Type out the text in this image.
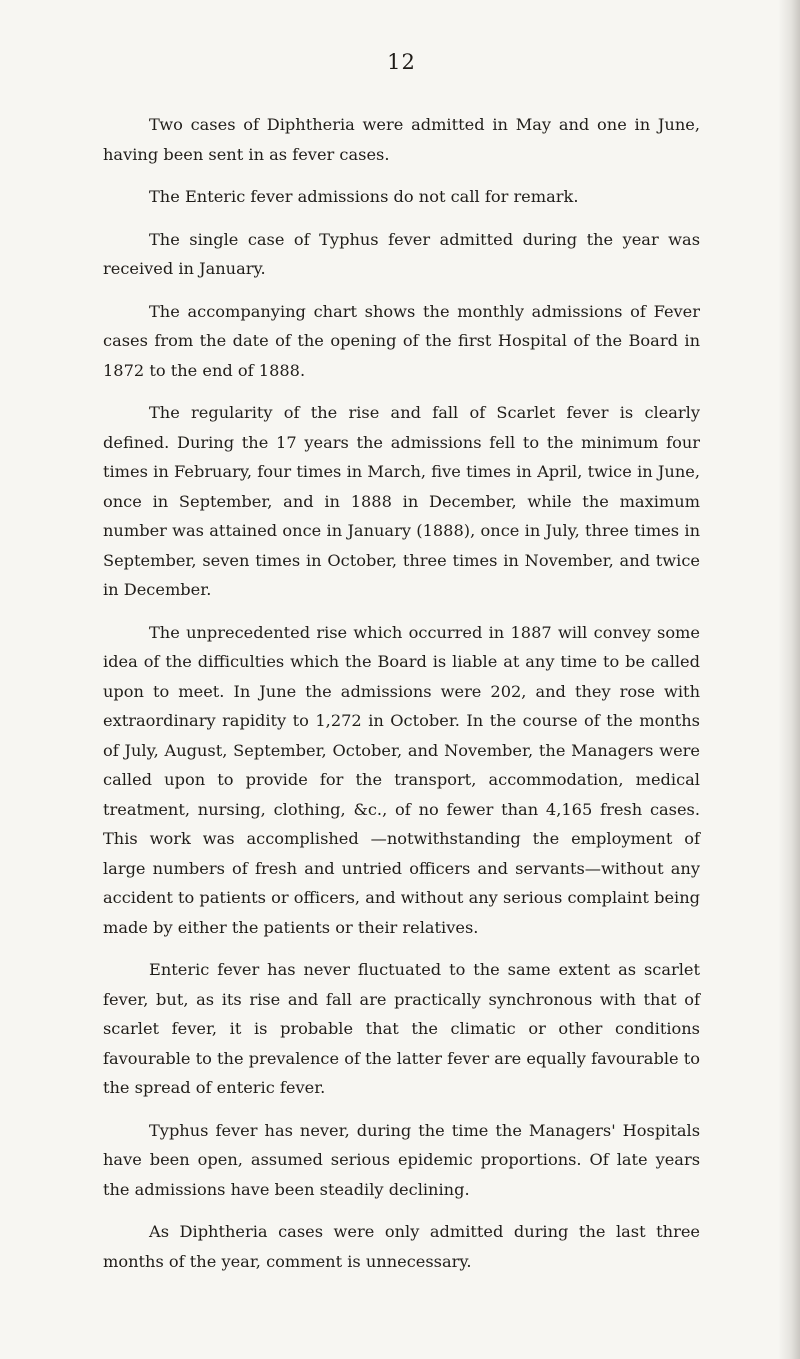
12

Two cases of Diphtheria were admitted in May and one in June, having been sent in as fever cases.

The Enteric fever admissions do not call for remark.

The single case of Typhus fever admitted during the year was received in January.

The accompanying chart shows the monthly admissions of Fever cases from the date of the opening of the first Hospital of the Board in 1872 to the end of 1888.

The regularity of the rise and fall of Scarlet fever is clearly defined. During the 17 years the admissions fell to the minimum four times in February, four times in March, five times in April, twice in June, once in September, and in 1888 in December, while the maximum number was attained once in January (1888), once in July, three times in September, seven times in October, three times in November, and twice in December.

The unprecedented rise which occurred in 1887 will convey some idea of the difficulties which the Board is liable at any time to be called upon to meet. In June the admissions were 202, and they rose with extraordinary rapidity to 1,272 in October. In the course of the months of July, August, September, October, and November, the Managers were called upon to provide for the transport, accommodation, medical treatment, nursing, clothing, &c., of no fewer than 4,165 fresh cases. This work was accomplished —notwithstanding the employment of large numbers of fresh and untried officers and servants—without any accident to patients or officers, and without any serious complaint being made by either the patients or their relatives.

Enteric fever has never fluctuated to the same extent as scarlet fever, but, as its rise and fall are practically synchronous with that of scarlet fever, it is probable that the climatic or other conditions favourable to the prevalence of the latter fever are equally favourable to the spread of enteric fever.

Typhus fever has never, during the time the Managers' Hospitals have been open, assumed serious epidemic proportions. Of late years the admissions have been steadily declining.

As Diphtheria cases were only admitted during the last three months of the year, comment is unnecessary.
